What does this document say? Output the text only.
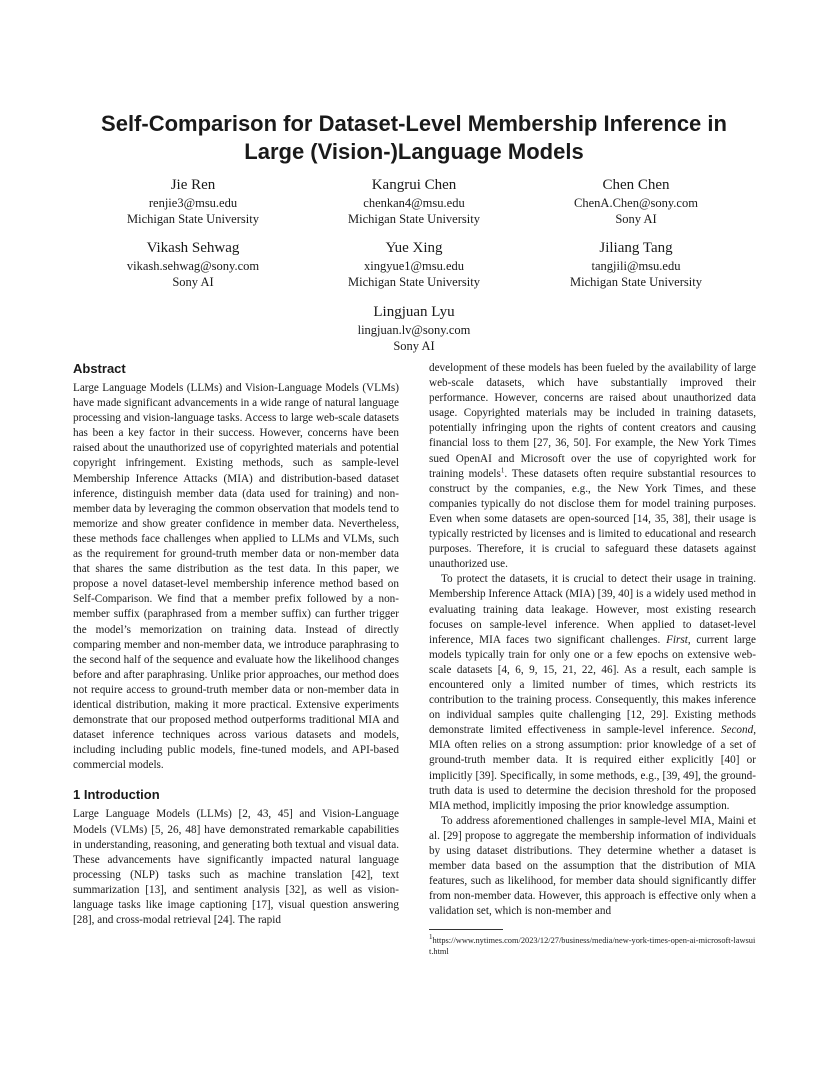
Self-Comparison for Dataset-Level Membership Inference in
Large (Vision-)Language Models
Jie Ren
renjie3@msu.edu
Michigan State University
Kangrui Chen
chenkan4@msu.edu
Michigan State University
Chen Chen
ChenA.Chen@sony.com
Sony AI
Vikash Sehwag
vikash.sehwag@sony.com
Sony AI
Yue Xing
xingyue1@msu.edu
Michigan State University
Jiliang Tang
tangjili@msu.edu
Michigan State University
Lingjuan Lyu
lingjuan.lv@sony.com
Sony AI
Abstract

Large Language Models (LLMs) and Vision-Language Models (VLMs) have made significant advancements in a wide range of natural language processing and vision-language tasks. Access to large web-scale datasets has been a key factor in their success. However, concerns have been raised about the unauthorized use of copyrighted materials and potential copyright infringement. Existing methods, such as sample-level Membership Inference Attacks (MIA) and distribution-based dataset inference, distinguish member data (data used for training) and non-member data by leveraging the common observation that models tend to memorize and show greater confidence in member data. Nevertheless, these methods face challenges when applied to LLMs and VLMs, such as the requirement for ground-truth member data or non-member data that shares the same distribution as the test data. In this paper, we propose a novel dataset-level membership inference method based on Self-Comparison. We find that a member prefix followed by a non-member suffix (paraphrased from a member suffix) can further trigger the model’s memorization on training data. Instead of directly comparing member and non-member data, we introduce paraphrasing to the second half of the sequence and evaluate how the likelihood changes before and after paraphrasing. Unlike prior approaches, our method does not require access to ground-truth member data or non-member data in identical distribution, making it more practical. Extensive experiments demonstrate that our proposed method outperforms traditional MIA and dataset inference techniques across various datasets and models, including including public models, fine-tuned models, and API-based commercial models.

1 Introduction

Large Language Models (LLMs) [2, 43, 45] and Vision-Language Models (VLMs) [5, 26, 48] have demonstrated remarkable capabilities in understanding, reasoning, and generating both textual and visual data. These advancements have significantly impacted natural language processing (NLP) tasks such as machine translation [42], text summarization [13], and sentiment analysis [32], as well as vision-language tasks like image captioning [17], visual question answering [28], and cross-modal retrieval [24]. The rapid

development of these models has been fueled by the availability of large web-scale datasets, which have substantially improved their performance. However, concerns are raised about unauthorized data usage. Copyrighted materials may be included in training datasets, potentially infringing upon the rights of content creators and causing financial loss to them [27, 36, 50]. For example, the New York Times sued OpenAI and Microsoft over the use of copyrighted work for training models$^1$. These datasets often require substantial resources to construct by the companies, e.g., the New York Times, and these companies typically do not disclose them for model training purposes. Even when some datasets are open-sourced [14, 35, 38], their usage is typically restricted by licenses and is limited to educational and research purposes. Therefore, it is crucial to safeguard these datasets against unauthorized use.

To protect the datasets, it is crucial to detect their usage in training. Membership Inference Attack (MIA) [39, 40] is a widely used method in evaluating training data leakage. However, most existing research focuses on sample-level inference. When applied to dataset-level inference, MIA faces two significant challenges. First, current large models typically train for only one or a few epochs on extensive web-scale datasets [4, 6, 9, 15, 21, 22, 46]. As a result, each sample is encountered only a limited number of times, which restricts its contribution to the training process. Consequently, this makes inference on individual samples quite challenging [12, 29]. Existing methods demonstrate limited effectiveness in sample-level inference. Second, MIA often relies on a strong assumption: prior knowledge of a set of ground-truth member data. It is required either explicitly [40] or implicitly [39]. Specifically, in some methods, e.g., [39, 49], the ground-truth data is used to determine the decision threshold for the proposed MIA method, implicitly imposing the prior knowledge assumption.

To address aforementioned challenges in sample-level MIA, Maini et al. [29] propose to aggregate the membership information of individuals by using dataset distributions. They determine whether a dataset is member data based on the assumption that the distribution of MIA features, such as likelihood, for member data should significantly differ from non-member data. However, this approach is effective only when a validation set, which is non-member and

$^1$https://www.nytimes.com/2023/12/27/business/media/new-york-times-open-ai-microsoft-lawsuit.html
